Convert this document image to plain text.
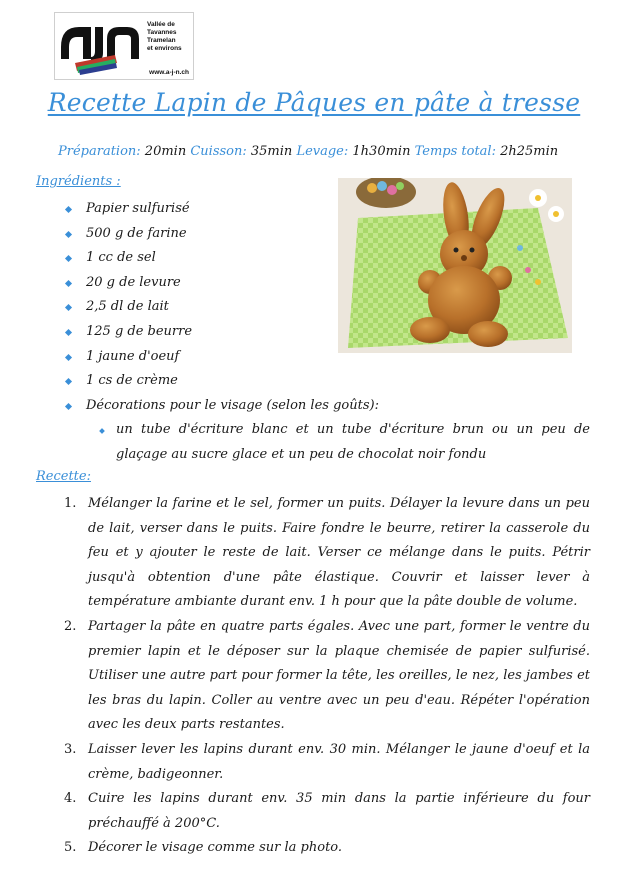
Vallée de
Tavannes
Tramelan
et environs
www.a-j-n.ch
Recette Lapin de Pâques en pâte à tresse
Préparation: 20min Cuisson: 35min Levage: 1h30min Temps total: 2h25min
Ingrédients :
Papier sulfurisé
500 g de farine
1 cc de sel
20 g de levure
2,5 dl de lait
125 g de beurre
1 jaune d'oeuf
1 cs de crème
Décorations pour le visage (selon les goûts):
un tube d'écriture blanc et un tube d'écriture brun ou un peu de glaçage au sucre glace et un peu de chocolat noir fondu
Recette:
1. Mélanger la farine et le sel, former un puits. Délayer la levure dans un peu de lait, verser dans le puits. Faire fondre le beurre, retirer la casserole du feu et y ajouter le reste de lait. Verser ce mélange dans le puits. Pétrir jusqu'à obtention d'une pâte élastique. Couvrir et laisser lever à température ambiante durant env. 1 h pour que la pâte double de volume.
2. Partager la pâte en quatre parts égales. Avec une part, former le ventre du premier lapin et le déposer sur la plaque chemisée de papier sulfurisé. Utiliser une autre part pour former la tête, les oreilles, le nez, les jambes et les bras du lapin. Coller au ventre avec un peu d'eau. Répéter l'opération avec les deux parts restantes.
3. Laisser lever les lapins durant env. 30 min. Mélanger le jaune d'oeuf et la crème, badigeonner.
4. Cuire les lapins durant env. 35 min dans la partie inférieure du four préchauffé à 200°C.
5. Décorer le visage comme sur la photo.
